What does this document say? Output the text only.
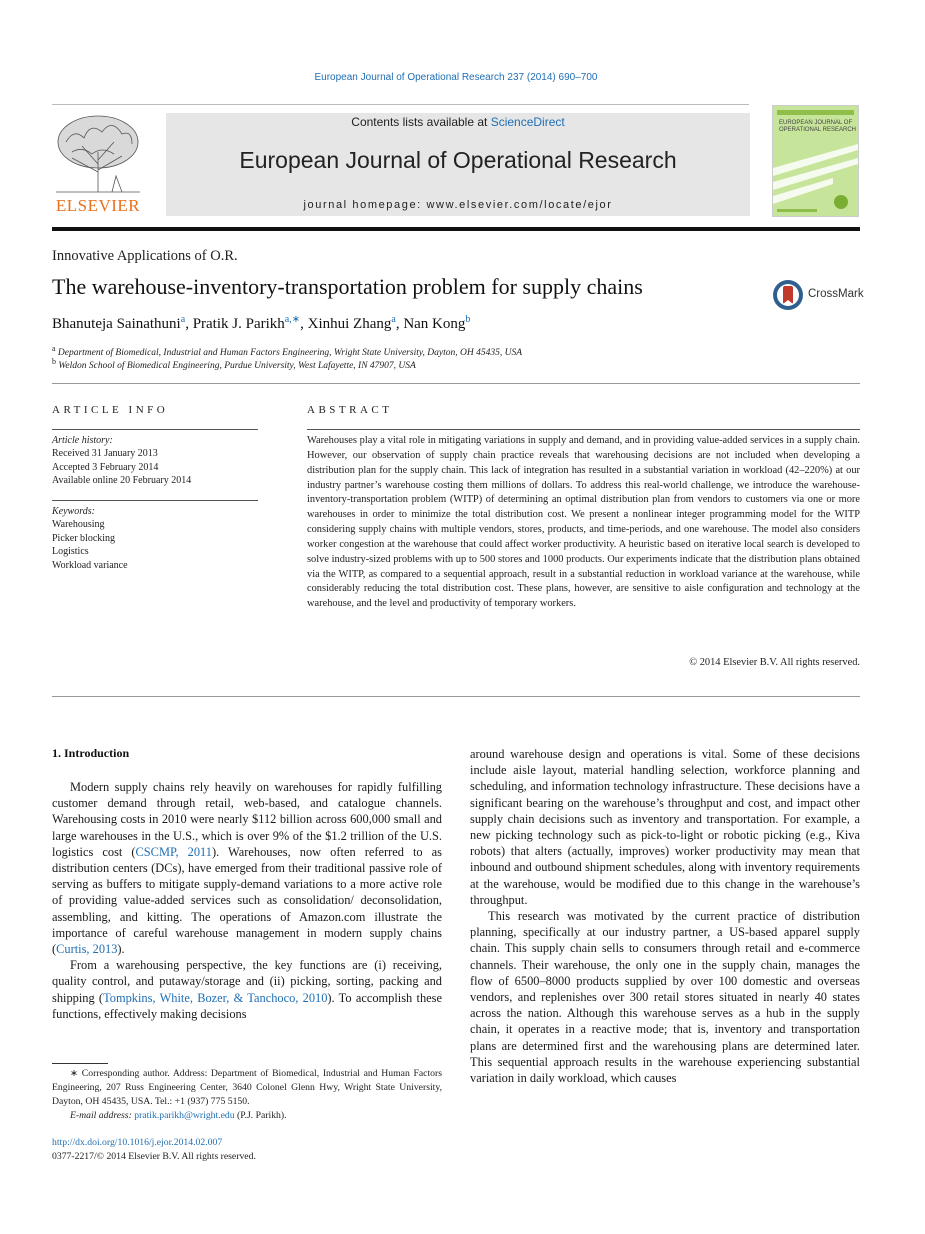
European Journal of Operational Research 237 (2014) 690–700
ELSEVIER
Contents lists available at ScienceDirect
European Journal of Operational Research
journal homepage: www.elsevier.com/locate/ejor
EUROPEAN JOURNAL OF
OPERATIONAL RESEARCH
Innovative Applications of O.R.
The warehouse-inventory-transportation problem for supply chains	CrossMark
Bhanuteja Sainathuni$^a$, Pratik J. Parikh$^{a,∗}$, Xinhui Zhang$^a$, Nan Kong$^b$
$^a$ Department of Biomedical, Industrial and Human Factors Engineering, Wright State University, Dayton, OH 45435, USA
$^b$ Weldon School of Biomedical Engineering, Purdue University, West Lafayette, IN 47907, USA
ARTICLE INFO
Article history:
Received 31 January 2013
Accepted 3 February 2014
Available online 20 February 2014
Keywords:
Warehousing
Picker blocking
Logistics
Workload variance
ABSTRACT
Warehouses play a vital role in mitigating variations in supply and demand, and in providing value-added services in a supply chain. However, our observation of supply chain practice reveals that warehousing decisions are not included when developing a distribution plan for the supply chain. This lack of integration has resulted in a substantial variation in workload (42–220%) at our industry partner’s warehouse costing them millions of dollars. To address this real-world challenge, we introduce the warehouse-inventory-transportation problem (WITP) of determining an optimal distribution plan from vendors to customers via one or more warehouses in order to minimize the total distribution cost. We present a nonlinear integer programming model for the WITP considering supply chains with multiple vendors, stores, products, and time-periods, and one warehouse. The model also considers worker congestion at the warehouse that could affect worker productivity. A heuristic based on iterative local search is developed to solve industry-sized problems with up to 500 stores and 1000 products. Our experiments indicate that the distribution plans obtained via the WITP, as compared to a sequential approach, result in a substantial reduction in workload variance at the warehouse, while considerably reducing the total distribution cost. These plans, however, are sensitive to aisle configuration and technology at the warehouse, and the level and productivity of temporary workers.
© 2014 Elsevier B.V. All rights reserved.
1. Introduction

Modern supply chains rely heavily on warehouses for rapidly fulfilling customer demand through retail, web-based, and catalogue channels. Warehousing costs in 2010 were nearly $112 billion across 600,000 small and large warehouses in the U.S., which is over 9% of the $1.2 trillion of the U.S. logistics cost (CSCMP, 2011). Warehouses, now often referred to as distribution centers (DCs), have emerged from their traditional passive role of serving as buffers to mitigate supply-demand variations to a more active role of providing value-added services such as consolidation/ deconsolidation, assembling, and kitting. The operations of Amazon.com illustrate the importance of careful warehouse management in modern supply chains (Curtis, 2013).

From a warehousing perspective, the key functions are (i) receiving, quality control, and putaway/storage and (ii) picking, sorting, packing and shipping (Tompkins, White, Bozer, & Tanchoco, 2010). To accomplish these functions, effectively making decisions

around warehouse design and operations is vital. Some of these decisions include aisle layout, material handling selection, workforce planning and scheduling, and information technology infrastructure. These decisions have a significant bearing on the warehouse’s throughput and cost, and impact other supply chain decisions such as inventory and transportation. For example, a new picking technology such as pick-to-light or robotic picking (e.g., Kiva robots) that alters (actually, improves) worker productivity may mean that inbound and outbound shipment schedules, along with inventory requirements at the warehouse, would be modified due to this change in the warehouse’s throughput.

This research was motivated by the current practice of distribution planning, specifically at our industry partner, a US-based apparel supply chain. This supply chain sells to consumers through retail and e-commerce channels. Their warehouse, the only one in the supply chain, manages the flow of 6500–8000 products supplied by over 100 domestic and overseas vendors, and replenishes over 300 retail stores situated in nearly 40 states across the nation. Although this warehouse serves as a hub in the supply chain, it operates in a reactive mode; that is, inventory and transportation plans are determined first and the warehousing plans are determined later. This sequential approach results in the warehouse experiencing substantial variation in daily workload, which causes

∗ Corresponding author. Address: Department of Biomedical, Industrial and Human Factors Engineering, 207 Russ Engineering Center, 3640 Colonel Glenn Hwy, Wright State University, Dayton, OH 45435, USA. Tel.: +1 (937) 775 5150.
E-mail address: pratik.parikh@wright.edu (P.J. Parikh).
http://dx.doi.org/10.1016/j.ejor.2014.02.007
0377-2217/© 2014 Elsevier B.V. All rights reserved.
